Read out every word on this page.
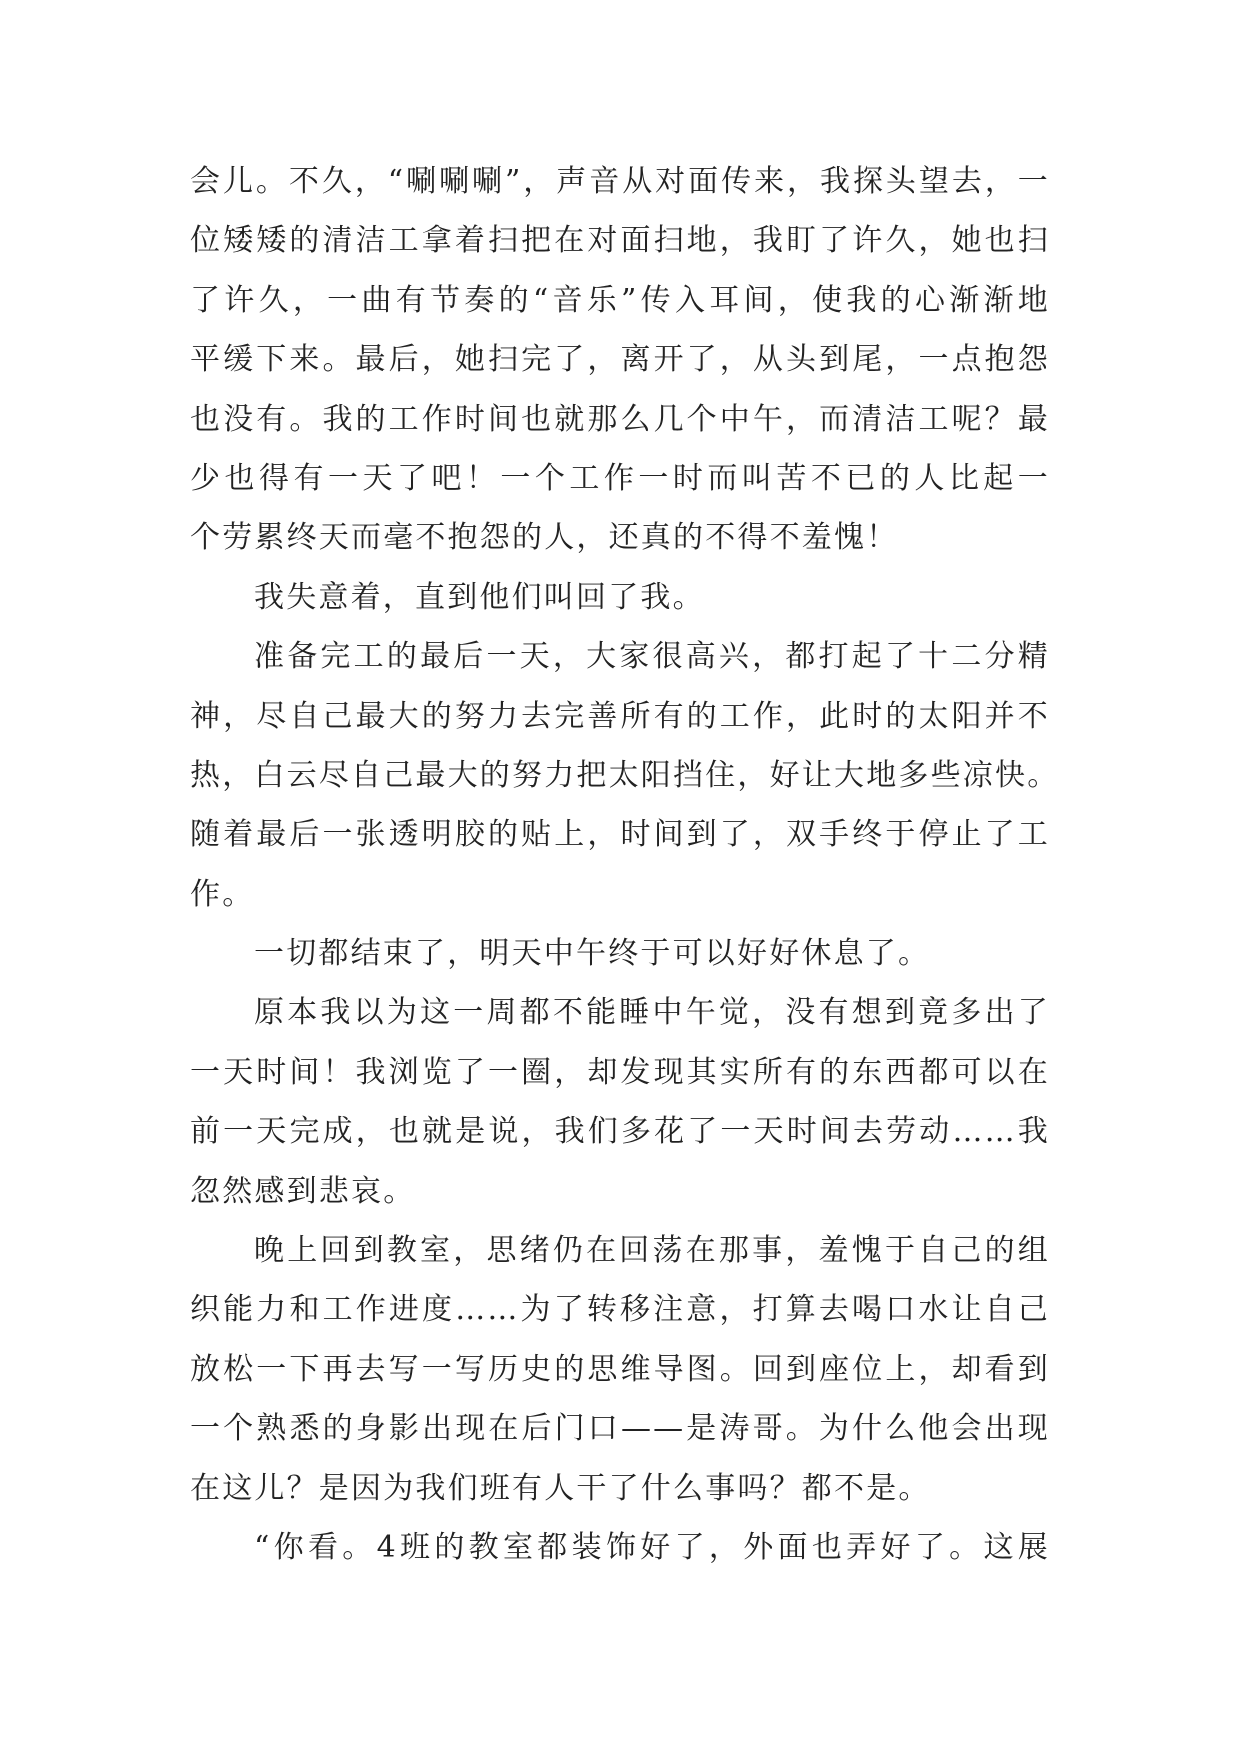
会儿。不久，“唰唰唰”，声音从对面传来，我探头望去，一
位矮矮的清洁工拿着扫把在对面扫地，我盯了许久，她也扫
了许久，一曲有节奏的“音乐”传入耳间，使我的心渐渐地
平缓下来。最后，她扫完了，离开了，从头到尾，一点抱怨
也没有。我的工作时间也就那么几个中午，而清洁工呢？最
少也得有一天了吧！一个工作一时而叫苦不已的人比起一
个劳累终天而毫不抱怨的人，还真的不得不羞愧！
我失意着，直到他们叫回了我。
准备完工的最后一天，大家很高兴，都打起了十二分精
神，尽自己最大的努力去完善所有的工作，此时的太阳并不
热，白云尽自己最大的努力把太阳挡住，好让大地多些凉快。
随着最后一张透明胶的贴上，时间到了，双手终于停止了工
作。
一切都结束了，明天中午终于可以好好休息了。
原本我以为这一周都不能睡中午觉，没有想到竟多出了
一天时间！我浏览了一圈，却发现其实所有的东西都可以在
前一天完成，也就是说，我们多花了一天时间去劳动……我
忽然感到悲哀。
晚上回到教室，思绪仍在回荡在那事，羞愧于自己的组
织能力和工作进度……为了转移注意，打算去喝口水让自己
放松一下再去写一写历史的思维导图。回到座位上，却看到
一个熟悉的身影出现在后门口——是涛哥。为什么他会出现
在这儿？是因为我们班有人干了什么事吗？都不是。
“你看。4班的教室都装饰好了，外面也弄好了。这展
